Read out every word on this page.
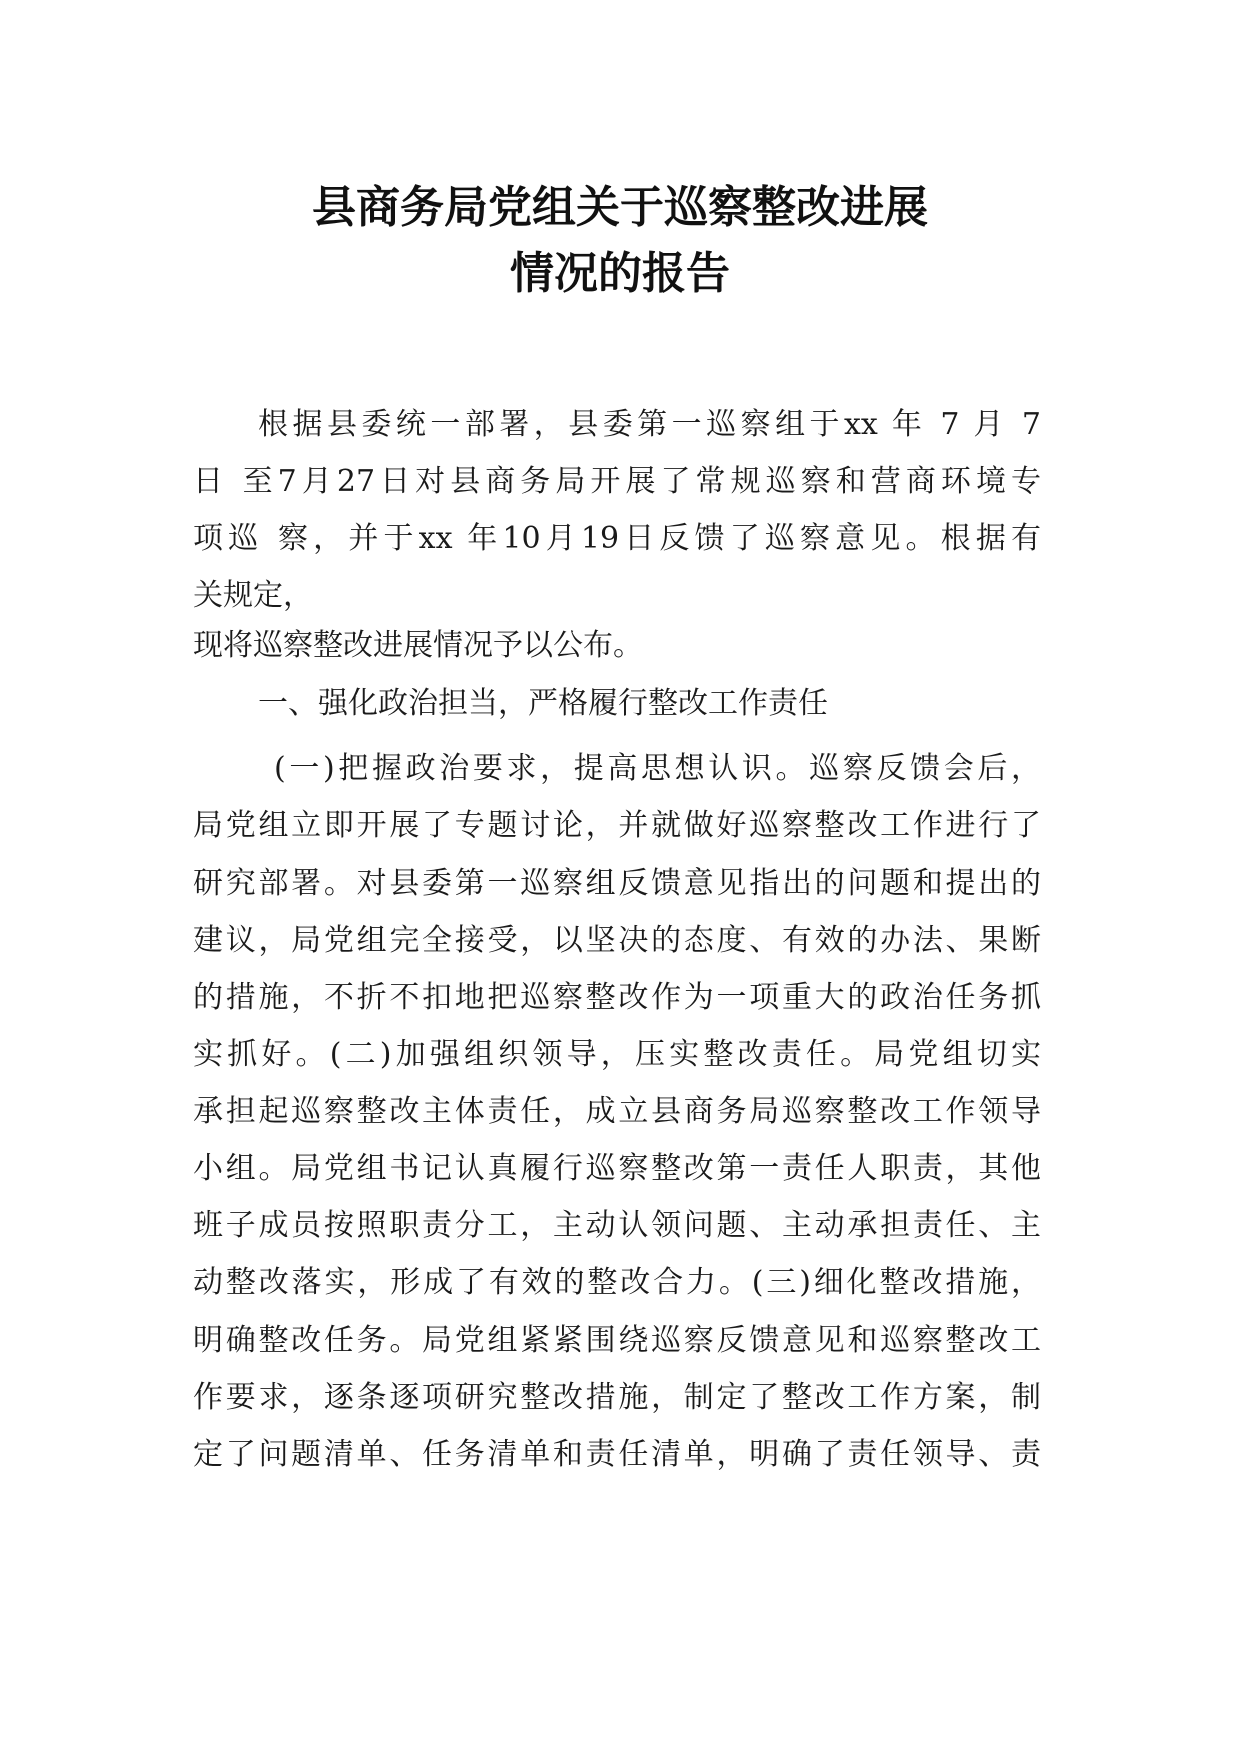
县商务局党组关于巡察整改进展
情况的报告

根据县委统一部署，县委第一巡察组于xx 年 7 月 7

日 至7月27日对县商务局开展了常规巡察和营商环境专

项巡 察，并于xx 年10月19日反馈了巡察意见。根据有

关规定，

现将巡察整改进展情况予以公布。

一、强化政治担当，严格履行整改工作责任

(一)把握政治要求，提高思想认识。巡察反馈会后，

局党组立即开展了专题讨论，并就做好巡察整改工作进行了

研究部署。对县委第一巡察组反馈意见指出的问题和提出的

建议，局党组完全接受，以坚决的态度、有效的办法、果断

的措施，不折不扣地把巡察整改作为一项重大的政治任务抓

实抓好。(二)加强组织领导，压实整改责任。局党组切实

承担起巡察整改主体责任，成立县商务局巡察整改工作领导

小组。局党组书记认真履行巡察整改第一责任人职责，其他

班子成员按照职责分工，主动认领问题、主动承担责任、主

动整改落实，形成了有效的整改合力。(三)细化整改措施，

明确整改任务。局党组紧紧围绕巡察反馈意见和巡察整改工

作要求，逐条逐项研究整改措施，制定了整改工作方案，制

定了问题清单、任务清单和责任清单，明确了责任领导、责
